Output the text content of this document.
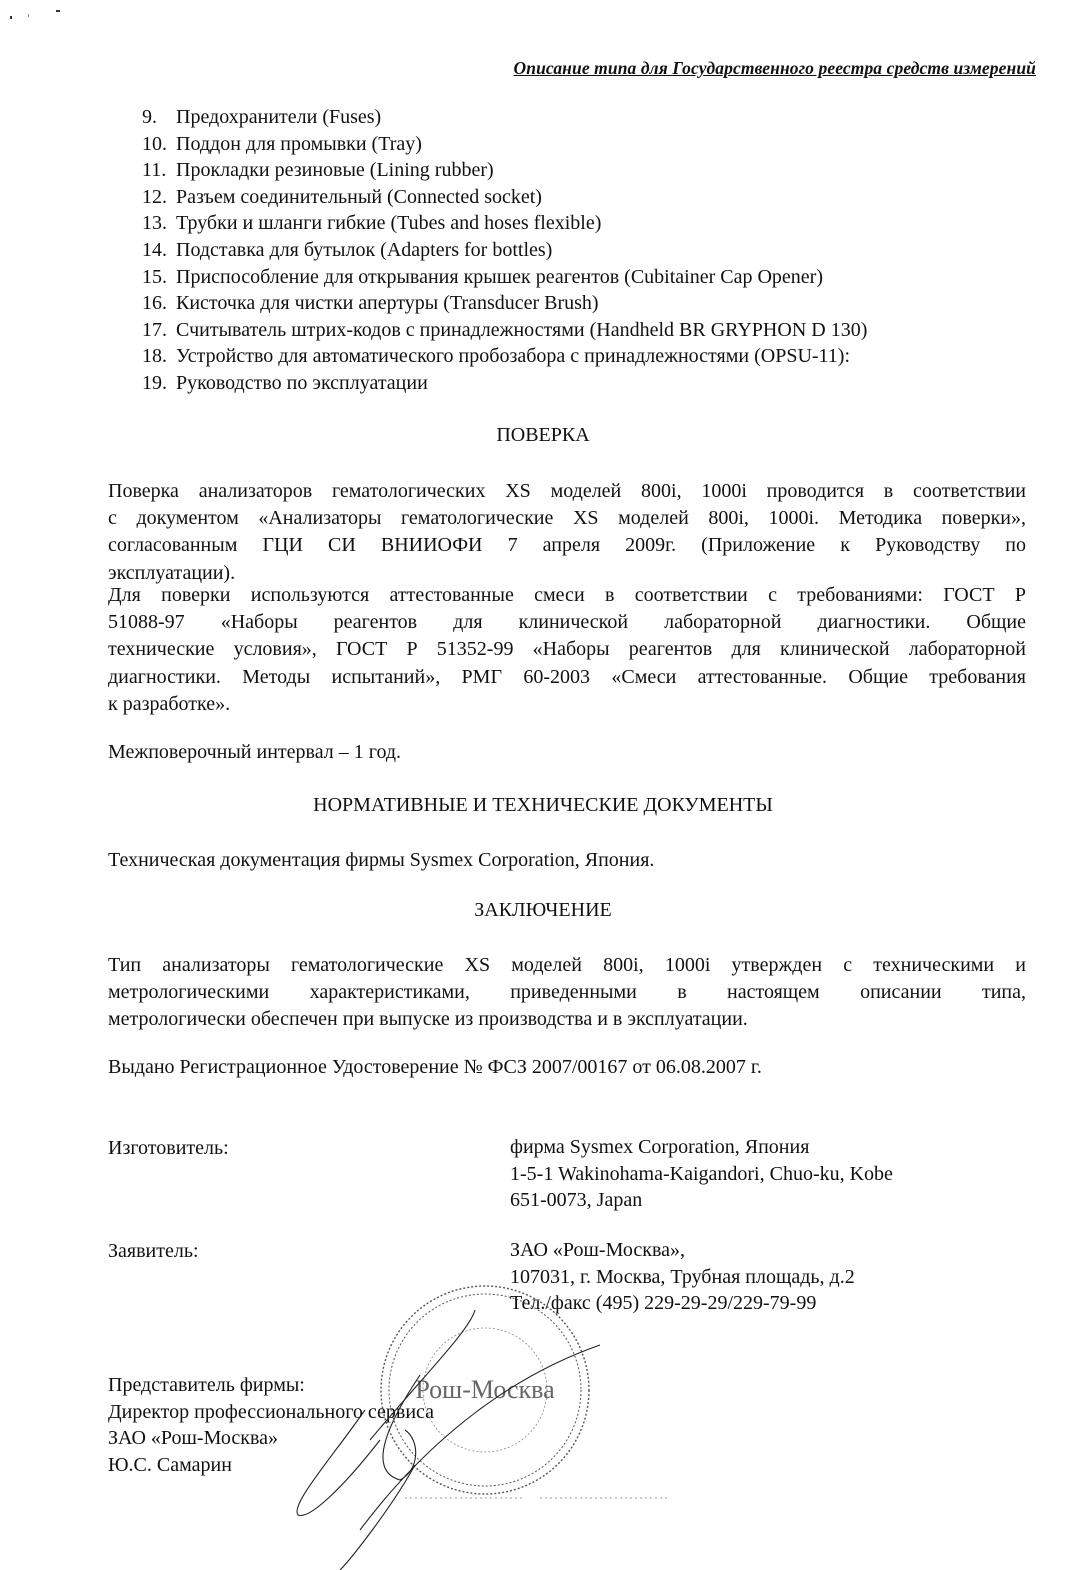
Описание типа для Государственного реестра средств измерений
9. Предохранители (Fuses)
10. Поддон для промывки (Tray)
11. Прокладки резиновые (Lining rubber)
12. Разъем соединительный (Connected socket)
13. Трубки и шланги гибкие (Tubes and hoses flexible)
14. Подставка для бутылок (Adapters for bottles)
15. Приспособление для открывания крышек реагентов (Cubitainer Cap Opener)
16. Кисточка для чистки апертуры (Transducer Brush)
17. Считыватель штрих-кодов с принадлежностями (Handheld BR GRYPHON D 130)
18. Устройство для автоматического пробозабора с принадлежностями (OPSU-11):
19. Руководство по эксплуатации
ПОВЕРКА
Поверка анализаторов гематологических XS моделей 800i, 1000i проводится в соответствии
с документом «Анализаторы гематологические XS моделей 800i, 1000i. Методика поверки»,
согласованным ГЦИ СИ ВНИИОФИ 7 апреля 2009г. (Приложение к Руководству по
эксплуатации).
Для поверки используются аттестованные смеси в соответствии с требованиями: ГОСТ Р
51088-97 «Наборы реагентов для клинической лабораторной диагностики. Общие
технические условия», ГОСТ Р 51352-99 «Наборы реагентов для клинической лабораторной
диагностики. Методы испытаний», РМГ 60-2003 «Смеси аттестованные. Общие требования
к разработке».
Межповерочный интервал – 1 год.
НОРМАТИВНЫЕ И ТЕХНИЧЕСКИЕ ДОКУМЕНТЫ
Техническая документация фирмы Sysmex Corporation, Япония.
ЗАКЛЮЧЕНИЕ
Тип анализаторы гематологические XS моделей 800i, 1000i утвержден с техническими и
метрологическими характеристиками, приведенными в настоящем описании типа,
метрологически обеспечен при выпуске из производства и в эксплуатации.
Выдано Регистрационное Удостоверение № ФСЗ 2007/00167 от 06.08.2007 г.
Изготовитель:	фирма Sysmex Corporation, Япония
1-5-1 Wakinohama-Kaigandori, Chuo-ku, Kobe
651-0073, Japan
Заявитель:	ЗАО «Рош-Москва»,
107031, г. Москва, Трубная площадь, д.2
Тел./факс (495) 229-29-29/229-79-99
Представитель фирмы:
Директор профессионального сервиса
ЗАО «Рош-Москва»
Ю.С. Самарин
Рош-Москва
